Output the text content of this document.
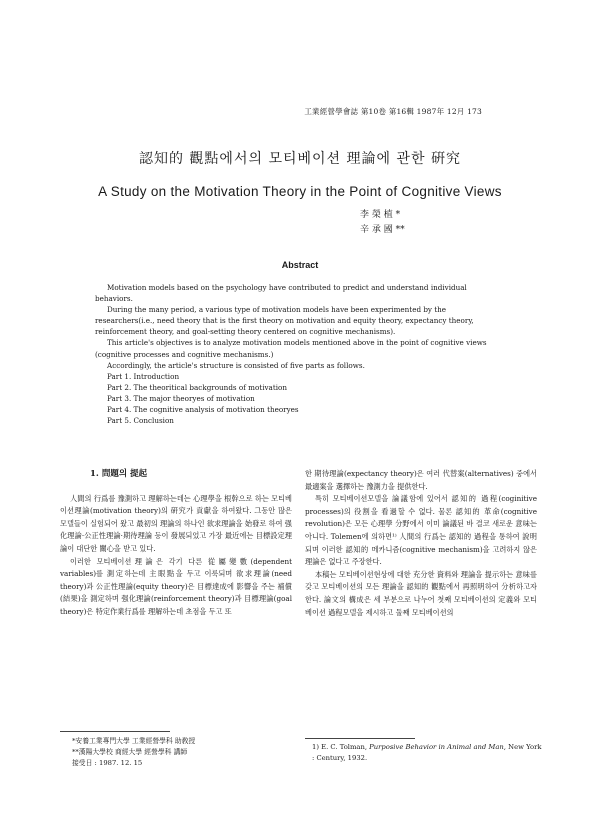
工業經營學會誌 第10卷 第16輯 1987年 12月 173
認知的 觀點에서의 모티베이션 理論에 관한 硏究
A Study on the Motivation Theory in the Point of Cognitive Views
李 榮 植 *
辛 承 國 **
Abstract

Motivation models based on the psychology have contributed to predict and understand individual behaviors.

During the many period, a various type of motivation models have been experimented by the researchers(i.e., need theory that is the first theory on motivation and equity theory, expectancy theory, reinforcement theory, and goal-setting theory centered on cognitive mechanisms).

This article's objectives is to analyze motivation models mentioned above in the point of cognitive views (cognitive processes and cognitive mechanisms.)

Accordingly, the article's structure is consisted of five parts as follows.

Part 1. Introduction

Part 2. The theoritical backgrounds of motivation

Part 3. The major theoryes of motivation

Part 4. The cognitive analysis of motivation theoryes

Part 5. Conclusion

1. 問題의 提起

人間의 行爲를 豫測하고 理解하는데는 心理學을 根幹으로 하는 모티베이션理論(motivation theory)의 硏究가 貢獻을 하여왔다. 그동안 많은 모델들이 실험되어 왔고 最初의 理論의 하나인 欲求理論을 始發로 하여 强化理論·公正性理論·期待理論 등이 發展되었고 가장 最近에는 目標設定理論이 대단한 關心을 받고 있다.

이러한 모티베이션理論은 각기 다른 從屬變數(dependent variables)를 測定하는데 主眼點을 두고 이룩되며 欲求理論(need theory)과 公正性理論(equity theory)은 目標達成에 影響을 주는 補償(結果)을 測定하며 强化理論(reinforcement theory)과 目標理論(goal theory)은 特定作業行爲를 理解하는데 초점을 두고 또

한 期待理論(expectancy theory)은 여러 代替案(alternatives) 중에서 最適案을 選擇하는 豫測力을 提供한다.

특히 모티베이션모델을 論議함에 있어서 認知的 過程(coginitive processes)의 役割을 看過할 수 없다. 물론 認知的 革命(cognitive revolution)은 모든 心理學 分野에서 이미 論議된 바 결코 새로운 意味는 아니다. Tolemen에 의하면¹⁾ 人間의 行爲는 認知的 過程을 통하여 說明되며 이러한 認知的 메카니즘(cognitive mechanism)을 고려하지 않은 理論은 없다고 주장한다.

本稿는 모티베이션현상에 대한 充分한 資料와 理論을 提示하는 意味를 갖고 모티베이션의 모든 理論을 認知的 觀點에서 再照明하여 分析하고자 한다. 論文의 構成은 세 부분으로 나누어 첫째 모티베이션의 定義와 모티베이션 過程모델을 제시하고 둘째 모티베이션의

*安養工業專門大學 工業經營學科 助敎授
**漢陽大學校 商經大學 經營學科 講師
接受日 : 1987. 12. 15
1) E. C. Tolman, Purposive Behavior in Animal and Man, New York : Century, 1932.
